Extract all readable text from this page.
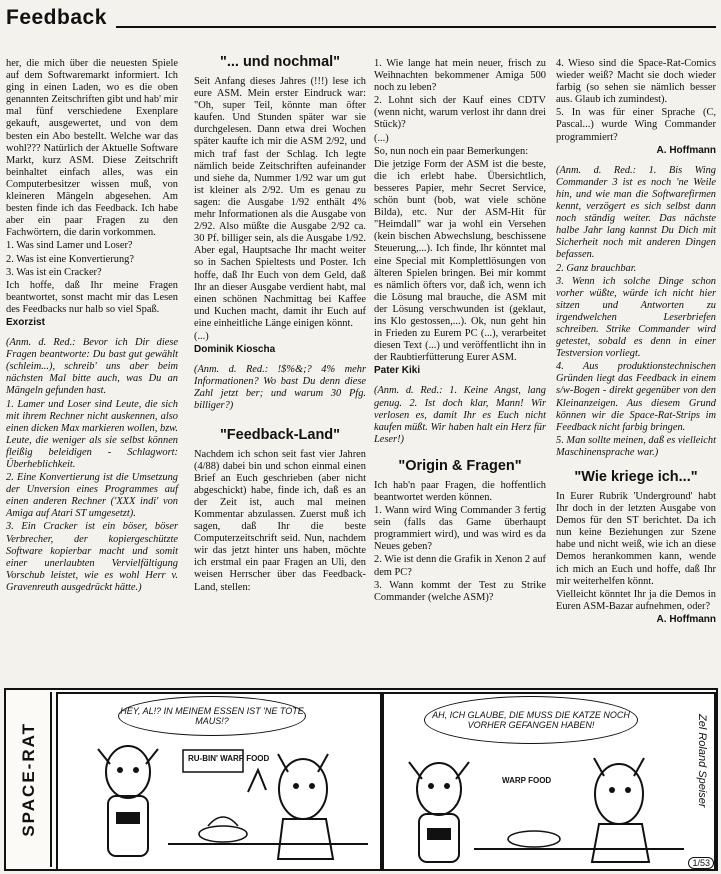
Feedback

her, die mich über die neuesten Spiele auf dem Softwaremarkt informiert. Ich ging in einen Laden, wo es die oben genannten Zeitschriften gibt und hab' mir mal fünf verschiedene Exenplare gekauft, ausgewertet, und von dem besten ein Abo bestellt. Welche war das wohl??? Natürlich der Aktuelle Software Markt, kurz ASM. Diese Zeitschrift beinhaltet einfach alles, was ein Computerbesitzer wissen muß, von kleineren Mängeln abgesehen. Am besten finde ich das Feedback. Ich habe aber ein paar Fragen zu den Fachwörtern, die darin vorkommen.

1. Was sind Lamer und Loser?

2. Was ist eine Konvertierung?

3. Was ist ein Cracker?

Ich hoffe, daß Ihr meine Fragen beantwortet, sonst macht mir das Lesen des Feedbacks nur halb so viel Spaß.

Exorzist

(Anm. d. Red.: Bevor ich Dir diese Fragen beantworte: Du bast gut gewählt (schleim...), schreib' uns aber beim nächsten Mal bitte auch, was Du an Mängeln gefunden hast.

1. Lamer und Loser sind Leute, die sich mit ihrem Rechner nicht auskennen, also einen dicken Max markieren wollen, bzw. Leute, die weniger als sie selbst können fleißig beleidigen - Schlagwort: Überheblichkeit.

2. Eine Konvertierung ist die Umsetzung der Unversion eines Programmes auf einen anderen Rechner ('XXX indi' von Amiga auf Atari ST umgesetzt).

3. Ein Cracker ist ein böser, böser Verbrecher, der kopiergeschützte Software kopierbar macht und somit einer unerlaubten Vervielfältigung Vorschub leistet, wie es wohl Herr v. Gravenreuth ausgedrückt hätte.)

"... und nochmal"

Seit Anfang dieses Jahres (!!!) lese ich eure ASM. Mein erster Eindruck war: "Oh, super Teil, könnte man öfter kaufen. Und Stunden später war sie durchgelesen. Dann etwa drei Wochen später kaufte ich mir die ASM 2/92, und mich traf fast der Schlag. Ich legte nämlich beide Zeitschriften aufeinander und siehe da, Nummer 1/92 war um gut ist kleiner als 2/92. Um es genau zu sagen: die Ausgabe 1/92 enthält 4% mehr Informationen als die Ausgabe von 2/92. Also müßte die Ausgabe 2/92 ca. 30 Pf. billiger sein, als die Ausgabe 1/92. Aber egal, Hauptsache Ihr macht weiter so in Sachen Spieltests und Poster. Ich hoffe, daß Ihr Euch von dem Geld, daß Ihr an dieser Ausgabe verdient habt, mal einen schönen Nachmittag bei Kaffee und Kuchen macht, damit ihr Euch auf eine einheitliche Länge einigen könnt.

(...)

Dominik Kioscha

(Anm. d. Red.: !$%&;? 4% mehr Informationen? Wo bast Du denn diese Zahl jetzt ber; und warum 30 Pfg. billiger?)

"Feedback-Land"

Nachdem ich schon seit fast vier Jahren (4/88) dabei bin und schon einmal einen Brief an Euch geschrieben (aber nicht abgeschickt) habe, finde ich, daß es an der Zeit ist, auch mal meinen Kommentar abzulassen. Zuerst muß ich sagen, daß Ihr die beste Computerzeitschrift seid. Nun, nachdem wir das jetzt hinter uns haben, möchte ich erstmal ein paar Fragen an Uli, den weisen Herrscher über das Feedback-Land, stellen:

1. Wie lange hat mein neuer, frisch zu Weihnachten bekommener Amiga 500 noch zu leben?

2. Lohnt sich der Kauf eines CDTV (wenn nicht, warum verlost ihr dann drei Stück)?

(...)

So, nun noch ein paar Bemerkungen:

Die jetzige Form der ASM ist die beste, die ich erlebt habe. Übersichtlich, besseres Papier, mehr Secret Service, schön bunt (bob, wat viele schöne Bilda), etc. Nur der ASM-Hit für "Heimdall" war ja wohl ein Versehen (kein bischen Abwechslung, beschissene Steuerung,...). Ich finde, Ihr könntet mal eine Special mit Komplettlösungen von älteren Spielen bringen. Bei mir kommt es nämlich öfters vor, daß ich, wenn ich die Lösung mal brauche, die ASM mit der Lösung verschwunden ist (geklaut, ins Klo gestossen,...). Ok, nun geht hin in Frieden zu Eurem PC (...), verarbeitet diesen Text (...) und veröffentlicht ihn in der Raubtierfütterung Eurer ASM.

Pater Kiki

(Anm. d. Red.: 1. Keine Angst, lang genug. 2. Ist doch klar, Mann! Wir verlosen es, damit Ihr es Euch nicht kaufen müßt. Wir haben halt ein Herz für Leser!)

"Origin & Fragen"

Ich hab'n paar Fragen, die hoffentlich beantwortet werden können.

1. Wann wird Wing Commander 3 fertig sein (falls das Game überhaupt programmiert wird), und was wird es da Neues geben?

2. Wie ist denn die Grafik in Xenon 2 auf dem PC?

3. Wann kommt der Test zu Strike Commander (welche ASM)?

4. Wieso sind die Space-Rat-Comics wieder weiß? Macht sie doch wieder farbig (so sehen sie nämlich besser aus. Glaub ich zumindest).

5. In was für einer Sprache (C, Pascal...) wurde Wing Commander programmiert?

A. Hoffmann

(Anm. d. Red.: 1. Bis Wing Commander 3 ist es noch 'ne Weile hin, und wie man die Softwarefirmen kennt, verzögert es sich selbst dann noch ständig weiter. Das nächste halbe Jahr lang kannst Du Dich mit Sicherheit noch mit anderen Dingen befassen.

2. Ganz brauchbar.

3. Wenn ich solche Dinge schon vorher wüßte, würde ich nicht hier sitzen und Antworten zu irgendwelchen Leserbriefen schreiben. Strike Commander wird getestet, sobald es denn in einer Testversion vorliegt.

4. Aus produktionstechnischen Gründen liegt das Feedback in einem s/w-Bogen - direkt gegenüber von den Kleinanzeigen. Aus diesem Grund können wir die Space-Rat-Strips im Feedback nicht farbig bringen.

5. Man sollte meinen, daß es vielleicht Maschinensprache war.)

"Wie kriege ich..."

In Eurer Rubrik 'Underground' habt Ihr doch in der letzten Ausgabe von Demos für den ST berichtet. Da ich nun keine Beziehungen zur Szene habe und nicht weiß, wie ich an diese Demos herankommen kann, wende ich mich an Euch und hoffe, daß Ihr mir weiterhelfen könnt.

Vielleicht könntet Ihr ja die Demos in Euren ASM-Bazar aufnehmen, oder?

A. Hoffmann

SPACE-RAT
HEY, AL!? IN MEINEM ESSEN IST 'NE TOTE MAUS!?
RU-BIN' WARP FOOD
AH, ICH GLAUBE, DIE MUSS DIE KATZE NOCH VORHER GEFANGEN HABEN!
WARP FOOD	Zel Roland Speiser
1/53
